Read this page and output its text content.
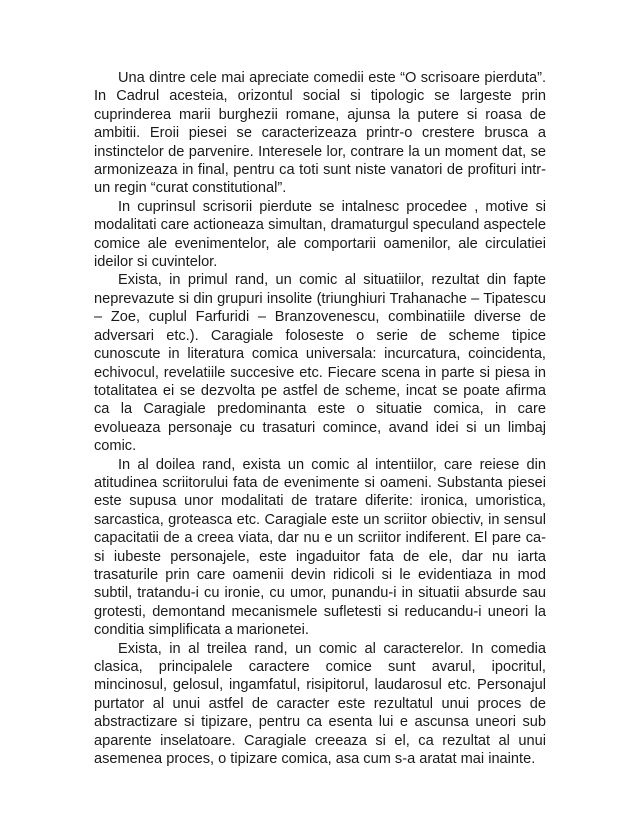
Una dintre cele mai apreciate comedii este “O scrisoare pierduta”. In Cadrul acesteia, orizontul social si tipologic se largeste prin cuprinderea marii burghezii romane, ajunsa la putere si roasa de ambitii. Eroii piesei se caracterizeaza printr-o crestere brusca a instinctelor de parvenire. Interesele lor, contrare la un moment dat, se armonizeaza in final, pentru ca toti sunt niste vanatori de profituri intr-un regin “curat constitutional”.

In cuprinsul scrisorii pierdute se intalnesc procedee , motive si modalitati care actioneaza simultan, dramaturgul speculand aspectele comice ale evenimentelor, ale comportarii oamenilor, ale circulatiei ideilor si cuvintelor.

Exista, in primul rand, un comic al situatiilor, rezultat din fapte neprevazute si din grupuri insolite (triunghiuri Trahanache – Tipatescu – Zoe, cuplul Farfuridi – Branzovenescu, combinatiile diverse de adversari etc.). Caragiale foloseste o serie de scheme tipice cunoscute in literatura comica universala: incurcatura, coincidenta, echivocul, revelatiile succesive etc. Fiecare scena in parte si piesa in totalitatea ei se dezvolta pe astfel de scheme, incat se poate afirma ca la Caragiale predominanta este o situatie comica, in care evolueaza personaje cu trasaturi comince, avand idei si un limbaj comic.

In al doilea rand, exista un comic al intentiilor, care reiese din atitudinea scriitorului fata de evenimente si oameni. Substanta piesei este supusa unor modalitati de tratare diferite: ironica, umoristica, sarcastica, groteasca etc. Caragiale este un scriitor obiectiv, in sensul capacitatii de a creea viata, dar nu e un scriitor indiferent. El pare ca-si iubeste personajele, este ingaduitor fata de ele, dar nu iarta trasaturile prin care oamenii devin ridicoli si le evidentiaza in mod subtil, tratandu-i cu ironie, cu umor, punandu-i in situatii absurde sau grotesti, demontand mecanismele sufletesti si reducandu-i uneori la conditia simplificata a marionetei.

Exista, in al treilea rand, un comic al caracterelor. In comedia clasica, principalele caractere comice sunt avarul, ipocritul, mincinosul, gelosul, ingamfatul, risipitorul, laudarosul etc. Personajul purtator al unui astfel de caracter este rezultatul unui proces de abstractizare si tipizare, pentru ca esenta lui e ascunsa uneori sub aparente inselatoare. Caragiale creeaza si el, ca rezultat al unui asemenea proces, o tipizare comica, asa cum s-a aratat mai inainte.
